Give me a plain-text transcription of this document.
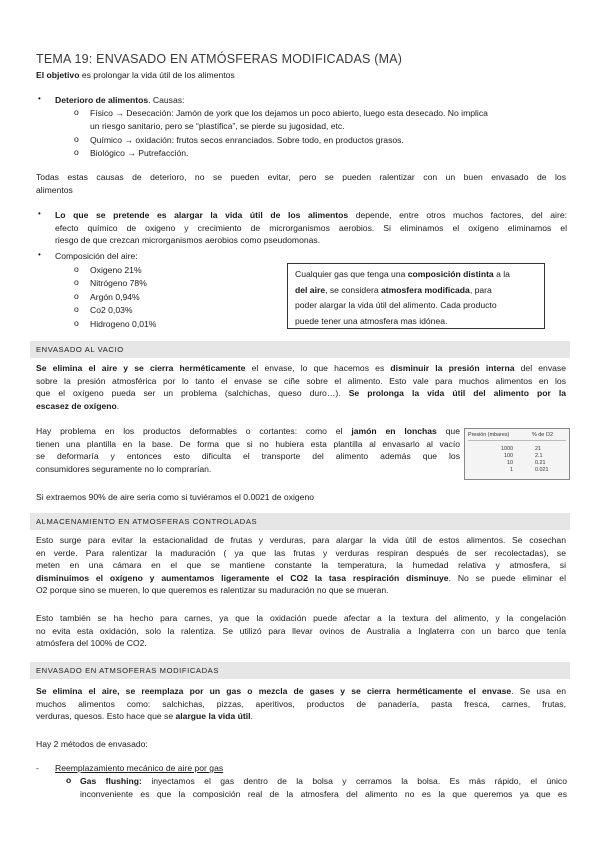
TEMA 19: ENVASADO EN ATMÓSFERAS MODIFICADAS (MA)
El objetivo es prolongar la vida útil de los alimentos
• Deterioro de alimentos. Causas:
o Físico → Desecación: Jamón de york que los dejamos un poco abierto, luego esta desecado. No implica
un riesgo sanitario, pero se “plastifica”, se pierde su jugosidad, etc.
o Químico → oxidación: frutos secos enranciados. Sobre todo, en productos grasos.
o Biológico → Putrefacción.
Todas estas causas de deterioro, no se pueden evitar, pero se pueden ralentizar con un buen envasado de los
alimentos
• Lo que se pretende es alargar la vida útil de los alimentos depende, entre otros muchos factores, del aire:
efecto químico de oxigeno y crecimiento de microrganismos aerobios. Si eliminamos el oxígeno eliminamos el
riesgo de que crezcan microrganismos aerobios como pseudomonas.
• Composición del aire:
o Oxigeno 21%
o Nitrógeno 78%
o Argón 0,94%
o Co2 0,03%
o Hidrogeno 0,01%
Cualquier gas que tenga una composición distinta a la
del aire, se considera atmosfera modificada, para
poder alargar la vida útil del alimento. Cada producto
puede tener una atmosfera mas idónea.
ENVASADO AL VACIO
Se elimina el aire y se cierra herméticamente el envase, lo que hacemos es disminuir la presión interna del envase
sobre la presión atmosférica por lo tanto el envase se ciñe sobre el alimento. Esto vale para muchos alimentos en los
que el oxígeno pueda ser un problema (salchichas, queso duro…). Se prolonga la vida útil del alimento por la
escasez de oxígeno.
Hay problema en los productos deformables o cortantes: como el jamón en lonchas que
tienen una plantilla en la base. De forma que si no hubiera esta plantilla al envasarlo al vacío
se deformaría y entonces esto dificulta el transporte del alimento además que los
consumidores seguramente no lo comprarían.
Presión (mbares)	% de O2
1000	21
100	2.1
10	0.21
1	0.021
Si extraemos 90% de aire seria como si tuviéramos el 0.0021 de oxigeno
ALMACENAMIENTO EN ATMOSFERAS CONTROLADAS
Esto surge para evitar la estacionalidad de frutas y verduras, para alargar la vida útil de estos alimentos. Se cosechan
en verde. Para ralentizar la maduración ( ya que las frutas y verduras respiran después de ser recolectadas), se
meten en una cámara en el que se mantiene constante la temperatura, la humedad relativa y atmosfera, si
disminuimos el oxígeno y aumentamos ligeramente el CO2 la tasa respiración disminuye. No se puede eliminar el
O2 porque sino se mueren, lo que queremos es ralentizar su maduración no que se mueran.
Esto también se ha hecho para carnes, ya que la oxidación puede afectar a la textura del alimento, y la congelación
no evita esta oxidación, solo la ralentiza. Se utilizó para llevar ovinos de Australia a Inglaterra con un barco que tenía
atmósfera del 100% de CO2.
ENVASADO EN ATMSOFERAS MODIFICADAS
Se elimina el aire, se reemplaza por un gas o mezcla de gases y se cierra herméticamente el envase. Se usa en
muchos alimentos como: salchichas, pizzas, aperitivos, productos de panadería, pasta fresca, carnes, frutas,
verduras, quesos. Esto hace que se alargue la vida útil.
Hay 2 métodos de envasado:
- Reemplazamiento mecánico de aire por gas
o Gas flushing: inyectamos el gas dentro de la bolsa y cerramos la bolsa. Es más rápido, el único
inconveniente es que la composición real de la atmosfera del alimento no es la que queremos ya que es
